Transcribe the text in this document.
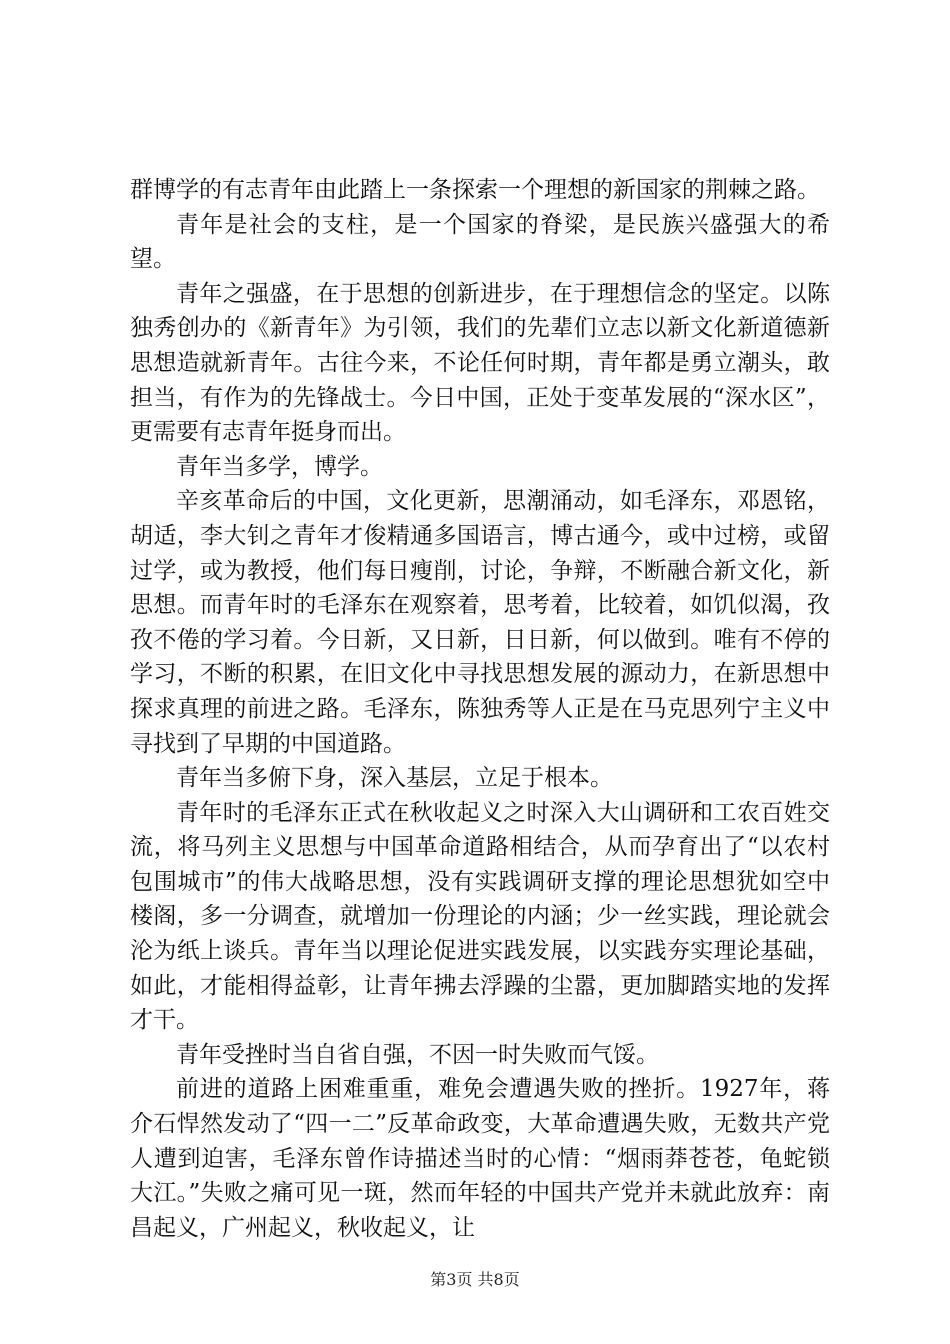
群博学的有志青年由此踏上一条探索一个理想的新国家的荆棘之路。

青年是社会的支柱，是一个国家的脊梁，是民族兴盛强大的希望。

青年之强盛，在于思想的创新进步，在于理想信念的坚定。以陈独秀创办的《新青年》为引领，我们的先辈们立志以新文化新道德新思想造就新青年。古往今来，不论任何时期，青年都是勇立潮头，敢担当，有作为的先锋战士。今日中国，正处于变革发展的“深水区”，更需要有志青年挺身而出。

青年当多学，博学。

辛亥革命后的中国，文化更新，思潮涌动，如毛泽东，邓恩铭，胡适，李大钊之青年才俊精通多国语言，博古通今，或中过榜，或留过学，或为教授，他们每日瘦削，讨论，争辩，不断融合新文化，新思想。而青年时的毛泽东在观察着，思考着，比较着，如饥似渴，孜孜不倦的学习着。今日新，又日新，日日新，何以做到。唯有不停的学习，不断的积累，在旧文化中寻找思想发展的源动力，在新思想中探求真理的前进之路。毛泽东，陈独秀等人正是在马克思列宁主义中寻找到了早期的中国道路。

青年当多俯下身，深入基层，立足于根本。

青年时的毛泽东正式在秋收起义之时深入大山调研和工农百姓交流，将马列主义思想与中国革命道路相结合，从而孕育出了“以农村包围城市”的伟大战略思想，没有实践调研支撑的理论思想犹如空中楼阁，多一分调查，就增加一份理论的内涵；少一丝实践，理论就会沦为纸上谈兵。青年当以理论促进实践发展，以实践夯实理论基础，如此，才能相得益彰，让青年拂去浮躁的尘嚣，更加脚踏实地的发挥才干。

青年受挫时当自省自强，不因一时失败而气馁。

前进的道路上困难重重，难免会遭遇失败的挫折。1927年，蒋介石悍然发动了“四一二”反革命政变，大革命遭遇失败，无数共产党人遭到迫害，毛泽东曾作诗描述当时的心情：“烟雨莽苍苍，龟蛇锁大江。”失败之痛可见一斑，然而年轻的中国共产党并未就此放弃：南昌起义，广州起义，秋收起义，让

第3页 共8页
